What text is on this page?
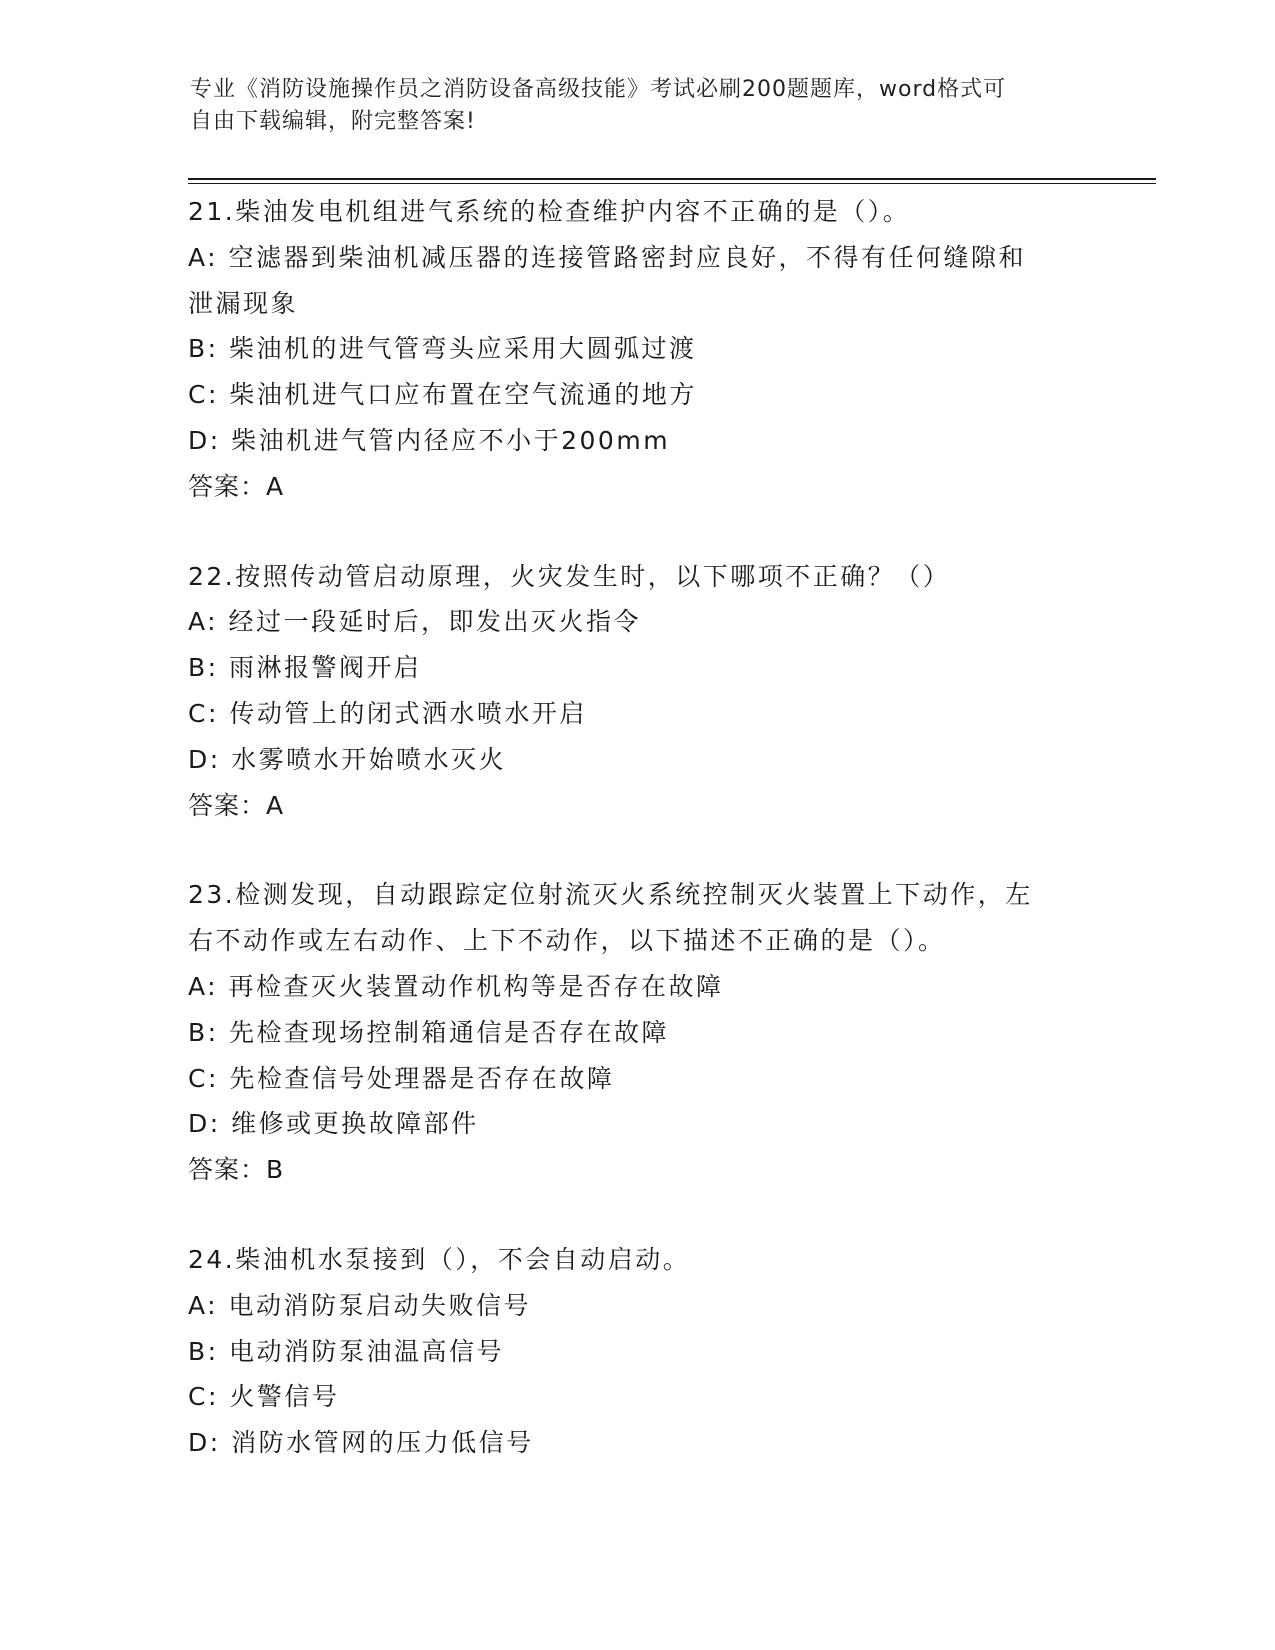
专业《消防设施操作员之消防设备高级技能》考试必刷200题题库，word格式可
自由下载编辑，附完整答案!

21.柴油发电机组进气系统的检查维护内容不正确的是（）。

A: 空滤器到柴油机减压器的连接管路密封应良好，不得有任何缝隙和

泄漏现象

B: 柴油机的进气管弯头应采用大圆弧过渡

C: 柴油机进气口应布置在空气流通的地方

D: 柴油机进气管内径应不小于200mm

答案：A

22.按照传动管启动原理，火灾发生时，以下哪项不正确？（）

A: 经过一段延时后，即发出灭火指令

B: 雨淋报警阀开启

C: 传动管上的闭式洒水喷水开启

D: 水雾喷水开始喷水灭火

答案：A

23.检测发现，自动跟踪定位射流灭火系统控制灭火装置上下动作，左

右不动作或左右动作、上下不动作，以下描述不正确的是（）。

A: 再检查灭火装置动作机构等是否存在故障

B: 先检查现场控制箱通信是否存在故障

C: 先检查信号处理器是否存在故障

D: 维修或更换故障部件

答案：B

24.柴油机水泵接到（），不会自动启动。

A: 电动消防泵启动失败信号

B: 电动消防泵油温高信号

C: 火警信号

D: 消防水管网的压力低信号
